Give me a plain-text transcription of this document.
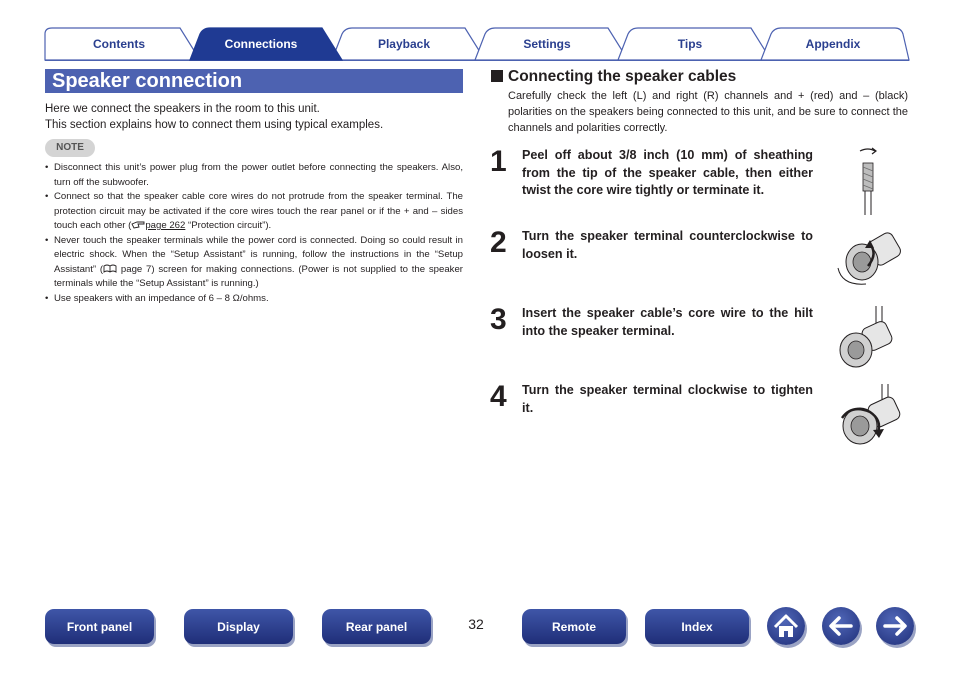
Contents	Connections	Playback	Settings	Tips	Appendix
Speaker connection
Here we connect the speakers in the room to this unit.
This section explains how to connect them using typical examples.
NOTE
• Disconnect this unit’s power plug from the power outlet before connecting the speakers. Also, turn off the subwoofer.
• Connect so that the speaker cable core wires do not protrude from the speaker terminal. The protection circuit may be activated if the core wires touch the rear panel or if the + and – sides touch each other ( page 262 “Protection circuit”).
• Never touch the speaker terminals while the power cord is connected. Doing so could result in electric shock. When the “Setup Assistant” is running, follow the instructions in the “Setup Assistant” ( page 7) screen for making connections. (Power is not supplied to the speaker terminals while the “Setup Assistant” is running.)
• Use speakers with an impedance of 6 – 8 Ω/ohms.
Connecting the speaker cables
Carefully check the left (L) and right (R) channels and + (red) and – (black) polarities on the speakers being connected to this unit, and be sure to connect the channels and polarities correctly.
1 Peel off about 3/8 inch (10 mm) of sheathing from the tip of the speaker cable, then either twist the core wire tightly or terminate it.
2 Turn the speaker terminal counterclockwise to loosen it.
3 Insert the speaker cable’s core wire to the hilt into the speaker terminal.
4 Turn the speaker terminal clockwise to tighten it.
Front panel	Display	Rear panel	32	Remote	Index
